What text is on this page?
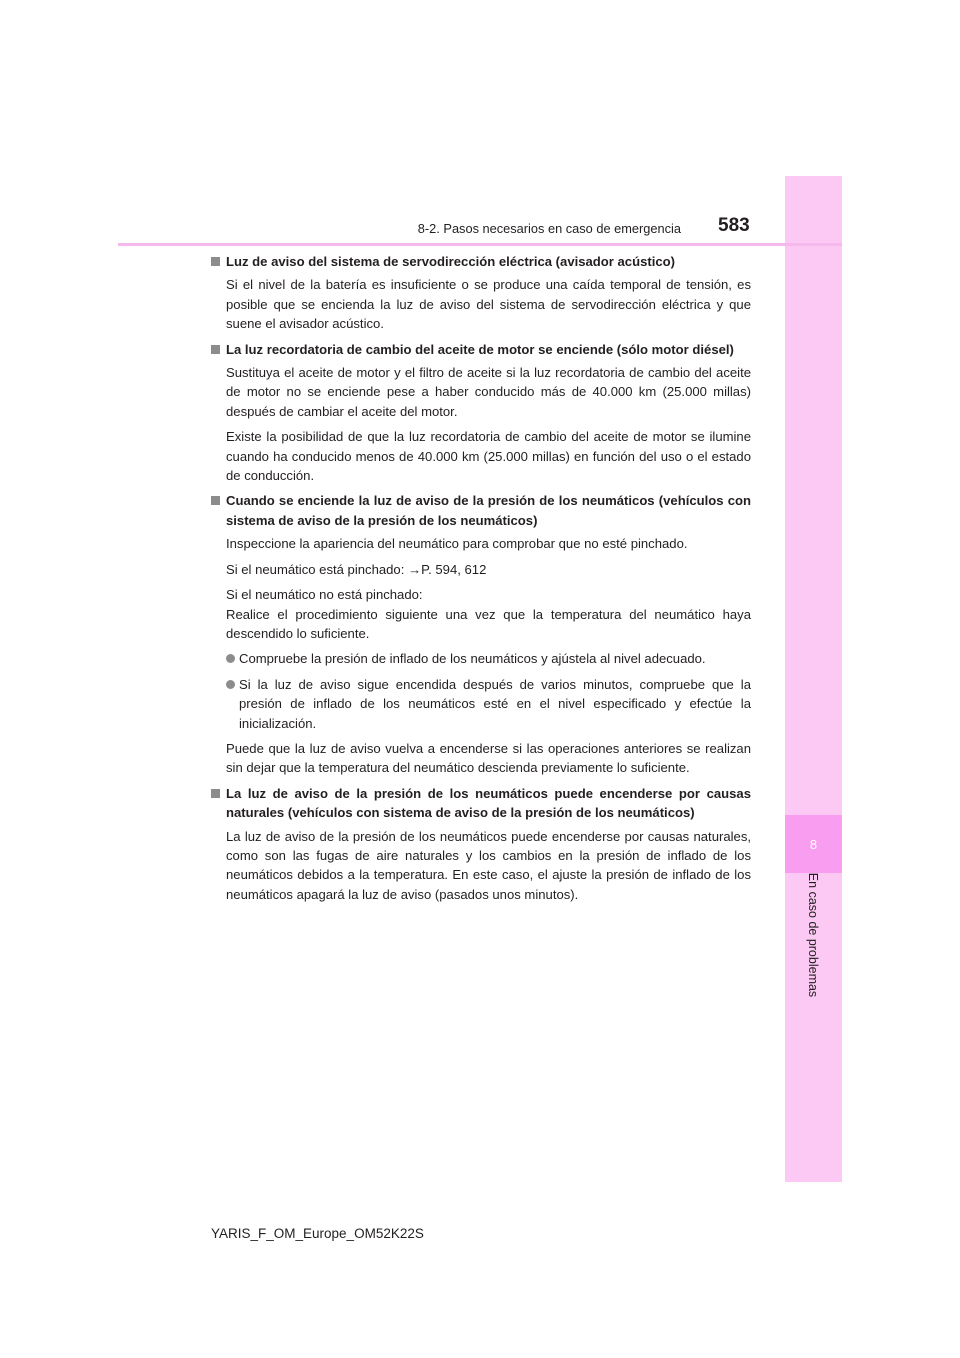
8
En caso de problemas
8-2. Pasos necesarios en caso de emergencia 583
Luz de aviso del sistema de servodirección eléctrica (avisador acústico)
Si el nivel de la batería es insuficiente o se produce una caída temporal de tensión, es posible que se encienda la luz de aviso del sistema de servodirección eléctrica y que suene el avisador acústico.
La luz recordatoria de cambio del aceite de motor se enciende (sólo motor diésel)
Sustituya el aceite de motor y el filtro de aceite si la luz recordatoria de cambio del aceite de motor no se enciende pese a haber conducido más de 40.000 km (25.000 millas) después de cambiar el aceite del motor.
Existe la posibilidad de que la luz recordatoria de cambio del aceite de motor se ilumine cuando ha conducido menos de 40.000 km (25.000 millas) en función del uso o el estado de conducción.
Cuando se enciende la luz de aviso de la presión de los neumáticos (vehículos con sistema de aviso de la presión de los neumáticos)
Inspeccione la apariencia del neumático para comprobar que no esté pinchado.
Si el neumático está pinchado: →P. 594, 612
Si el neumático no está pinchado:
Realice el procedimiento siguiente una vez que la temperatura del neumático haya descendido lo suficiente.
Compruebe la presión de inflado de los neumáticos y ajústela al nivel adecuado.
Si la luz de aviso sigue encendida después de varios minutos, compruebe que la presión de inflado de los neumáticos esté en el nivel especificado y efectúe la inicialización.
Puede que la luz de aviso vuelva a encenderse si las operaciones anteriores se realizan sin dejar que la temperatura del neumático descienda previamente lo suficiente.
La luz de aviso de la presión de los neumáticos puede encenderse por causas naturales (vehículos con sistema de aviso de la presión de los neumáticos)
La luz de aviso de la presión de los neumáticos puede encenderse por causas naturales, como son las fugas de aire naturales y los cambios en la presión de inflado de los neumáticos debidos a la temperatura. En este caso, el ajuste la presión de inflado de los neumáticos apagará la luz de aviso (pasados unos minutos).
YARIS_F_OM_Europe_OM52K22S
